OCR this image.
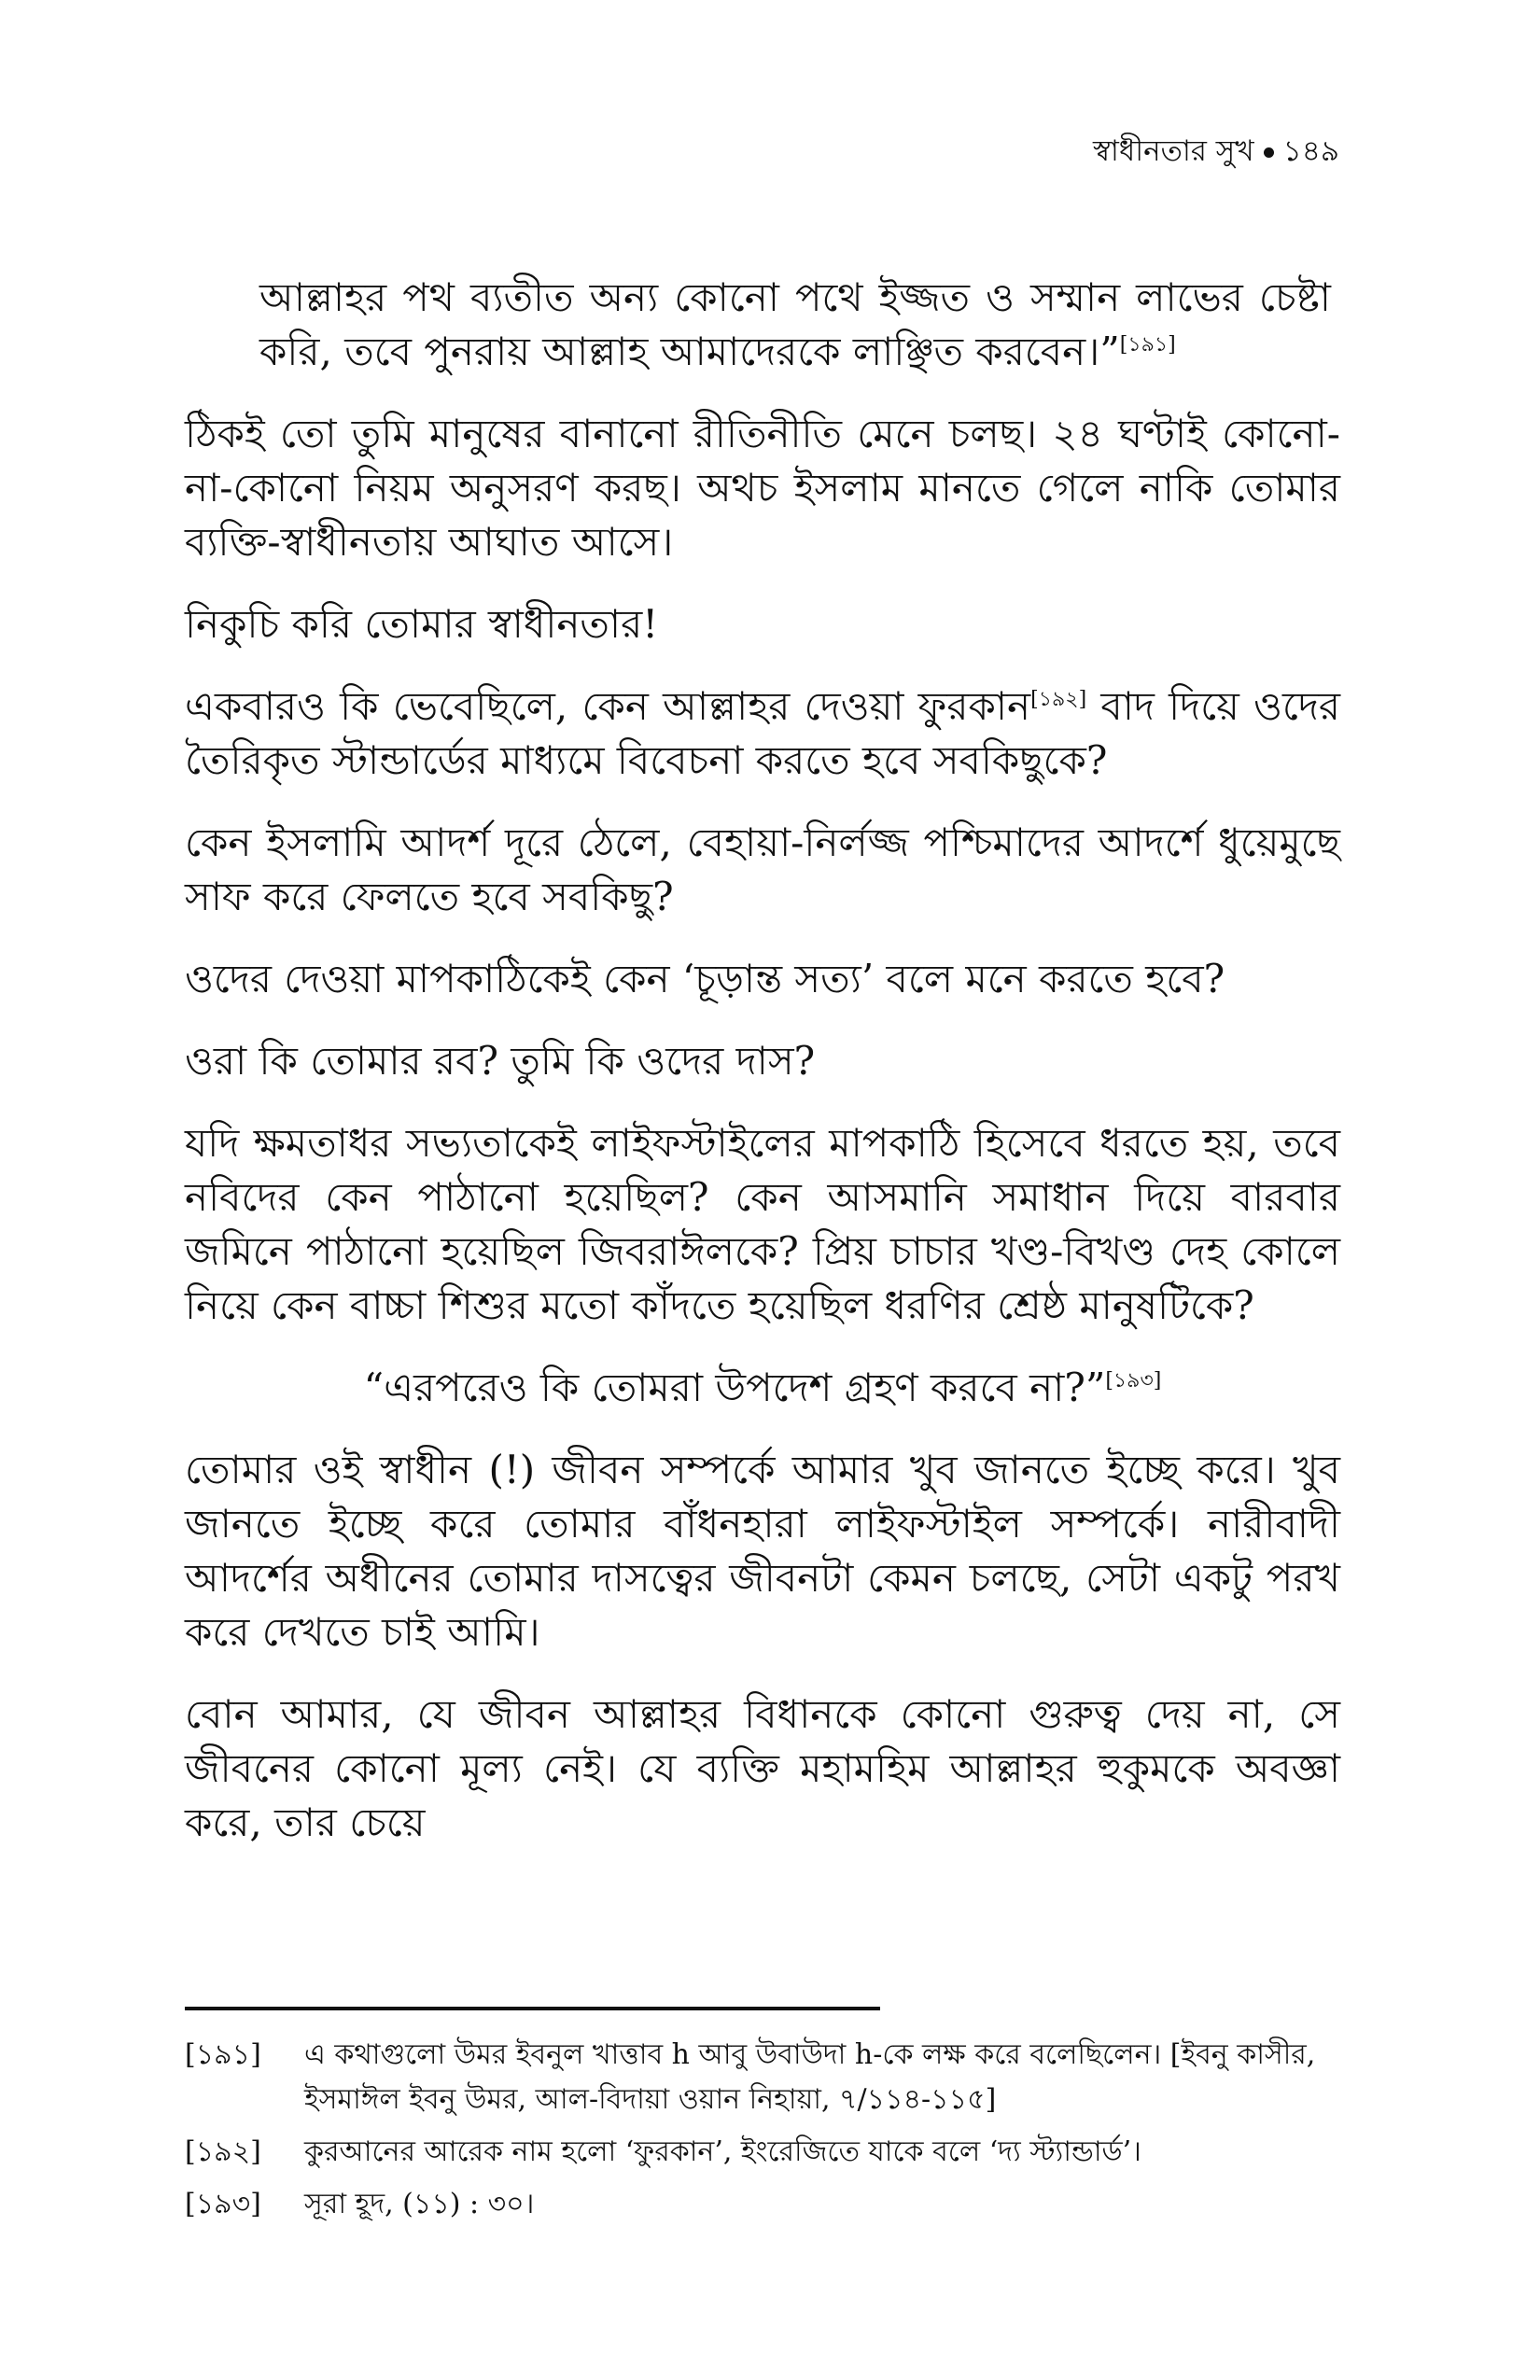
স্বাধীনতার সুখ ১৪৯

আল্লাহর পথ ব্যতীত অন্য কোনো পথে ইজ্জত ও সম্মান লাভের চেষ্টা করি, তবে পুনরায় আল্লাহ আমাদেরকে লাঞ্ছিত করবেন।”[১৯১]

ঠিকই তো তুমি মানুষের বানানো রীতিনীতি মেনে চলছ। ২৪ ঘণ্টাই কোনো-না-কোনো নিয়ম অনুসরণ করছ। অথচ ইসলাম মানতে গেলে নাকি তোমার ব্যক্তি-স্বাধীনতায় আঘাত আসে।

নিকুচি করি তোমার স্বাধীনতার!

একবারও কি ভেবেছিলে, কেন আল্লাহর দেওয়া ফুরকান[১৯২] বাদ দিয়ে ওদের তৈরিকৃত স্টান্ডার্ডের মাধ্যমে বিবেচনা করতে হবে সবকিছুকে?

কেন ইসলামি আদর্শ দূরে ঠেলে, বেহায়া-নির্লজ্জ পশ্চিমাদের আদর্শে ধুয়েমুছে সাফ করে ফেলতে হবে সবকিছু?

ওদের দেওয়া মাপকাঠিকেই কেন ‘চূড়ান্ত সত্য’ বলে মনে করতে হবে?

ওরা কি তোমার রব? তুমি কি ওদের দাস?

যদি ক্ষমতাধর সভ্যতাকেই লাইফস্টাইলের মাপকাঠি হিসেবে ধরতে হয়, তবে নবিদের কেন পাঠানো হয়েছিল? কেন আসমানি সমাধান দিয়ে বারবার জমিনে পাঠানো হয়েছিল জিবরাঈলকে? প্রিয় চাচার খণ্ড-বিখণ্ড দেহ কোলে নিয়ে কেন বাচ্চা শিশুর মতো কাঁদতে হয়েছিল ধরণির শ্রেষ্ঠ মানুষটিকে?

“এরপরেও কি তোমরা উপদেশ গ্রহণ করবে না?”[১৯৩]

তোমার ওই স্বাধীন (!) জীবন সম্পর্কে আমার খুব জানতে ইচ্ছে করে। খুব জানতে ইচ্ছে করে তোমার বাঁধনহারা লাইফস্টাইল সম্পর্কে। নারীবাদী আদর্শের অধীনের তোমার দাসত্বের জীবনটা কেমন চলছে, সেটা একটু পরখ করে দেখতে চাই আমি।

বোন আমার, যে জীবন আল্লাহর বিধানকে কোনো গুরুত্ব দেয় না, সে জীবনের কোনো মূল্য নেই। যে ব্যক্তি মহামহিম আল্লাহর হুকুমকে অবজ্ঞা করে, তার চেয়ে

[১৯১]	এ কথাগুলো উমর ইবনুল খাত্তাব h আবু উবাউদা h-কে লক্ষ করে বলেছিলেন। [ইবনু কাসীর, ইসমাঈল ইবনু উমর, আল-বিদায়া ওয়ান নিহায়া, ৭/১১৪-১১৫]
[১৯২]	কুরআনের আরেক নাম হলো ‘ফুরকান’, ইংরেজিতে যাকে বলে ‘দ্য স্ট্যান্ডার্ড’।
[১৯৩]	সূরা হূদ, (১১) : ৩০।
